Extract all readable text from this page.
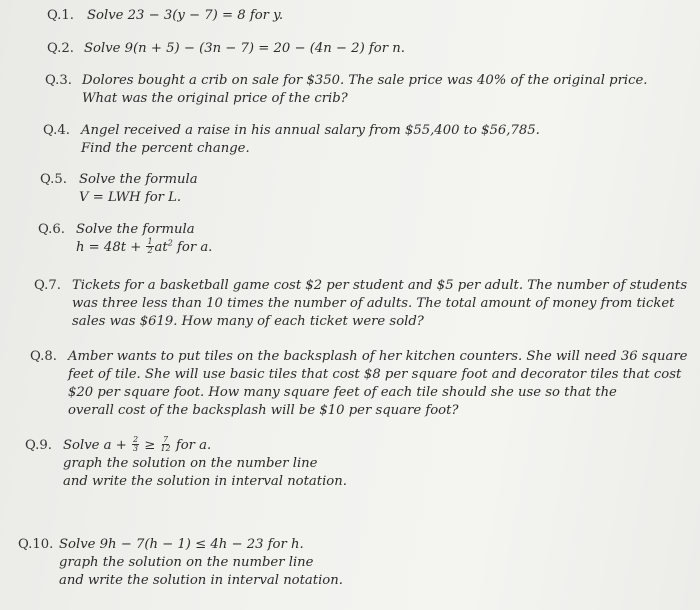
Q.1. Solve 23 − 3(y − 7) = 8 for y.
Q.2. Solve 9(n + 5) − (3n − 7) = 20 − (4n − 2) for n.
Q.3. Dolores bought a crib on sale for $350. The sale price was 40% of the original price.
What was the original price of the crib?
Q.4. Angel received a raise in his annual salary from $55,400 to $56,785.
Find the percent change.
Q.5. Solve the formula
V = LWH for L.
Q.6. Solve the formula
$h = 48t + \frac{1}{2} at^2$ for a.
Q.7. Tickets for a basketball game cost $2 per student and $5 per adult. The number of students
was three less than 10 times the number of adults. The total amount of money from ticket
sales was $619. How many of each ticket were sold?
Q.8. Amber wants to put tiles on the backsplash of her kitchen counters. She will need 36 square
feet of tile. She will use basic tiles that cost $8 per square foot and decorator tiles that cost
$20 per square foot. How many square feet of each tile should she use so that the
overall cost of the backsplash will be $10 per square foot?
Q.9. Solve $a + \frac{2}{3} \ge \frac{7}{12}$ for a.
graph the solution on the number line
and write the solution in interval notation.
Q.10. Solve 9h − 7(h − 1) ≤ 4h − 23 for h.
graph the solution on the number line
and write the solution in interval notation.
